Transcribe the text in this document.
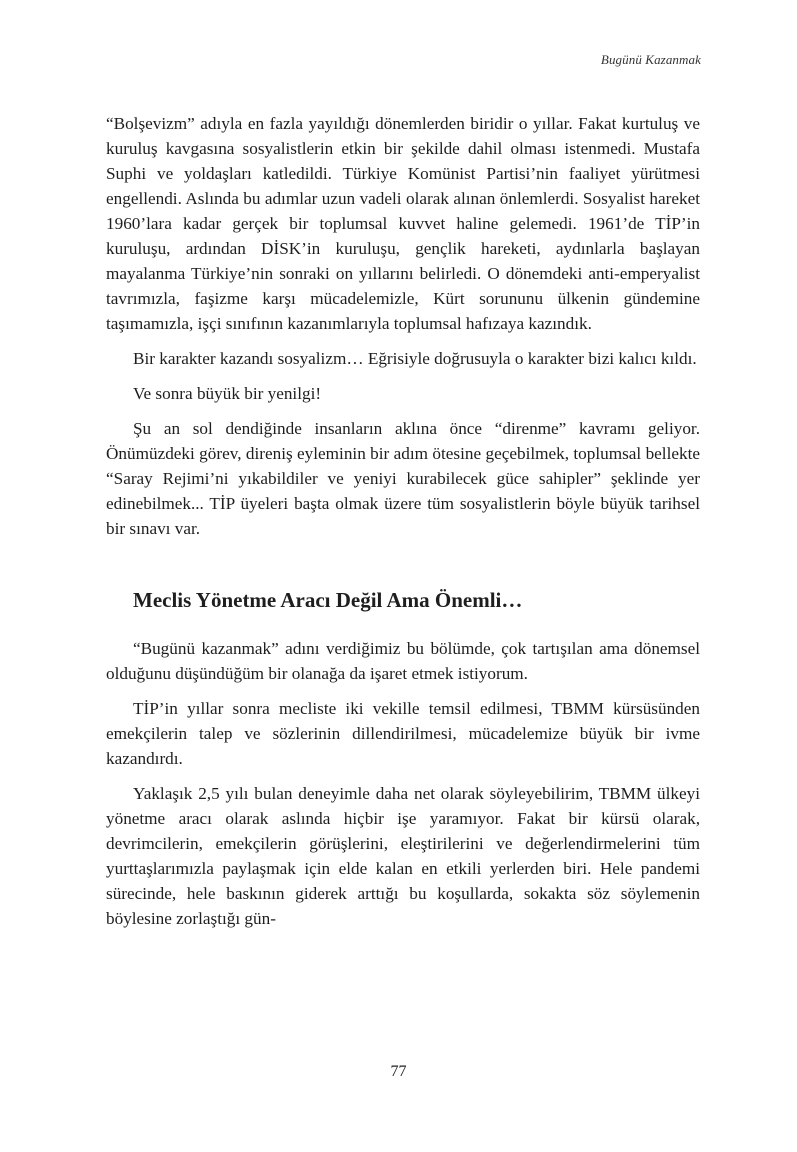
Bugünü Kazanmak

“Bolşevizm” adıyla en fazla yayıldığı dönemlerden biridir o yıllar. Fakat kurtuluş ve kuruluş kavgasına sosyalistlerin etkin bir şekilde dahil olması istenmedi. Mustafa Suphi ve yoldaşları katledildi. Türkiye Komünist Partisi’nin faaliyet yürütmesi engellendi. Aslında bu adımlar uzun vadeli olarak alınan önlemlerdi. Sosyalist hareket 1960’lara kadar gerçek bir toplumsal kuvvet haline gelemedi. 1961’de TİP’in kuruluşu, ardından DİSK’in kuruluşu, gençlik hareketi, aydınlarla başlayan mayalanma Türkiye’nin sonraki on yıllarını belirledi. O dönemdeki anti-emperyalist tavrımızla, faşizme karşı mücadelemizle, Kürt sorununu ülkenin gündemine taşımamızla, işçi sınıfının kazanımlarıyla toplumsal hafızaya kazındık.

Bir karakter kazandı sosyalizm… Eğrisiyle doğrusuyla o karakter bizi kalıcı kıldı.

Ve sonra büyük bir yenilgi!

Şu an sol dendiğinde insanların aklına önce “direnme” kavramı geliyor. Önümüzdeki görev, direniş eyleminin bir adım ötesine geçebilmek, toplumsal bellekte “Saray Rejimi’ni yıkabildiler ve yeniyi kurabilecek güce sahipler” şeklinde yer edinebilmek... TİP üyeleri başta olmak üzere tüm sosyalistlerin böyle büyük tarihsel bir sınavı var.

Meclis Yönetme Aracı Değil Ama Önemli…

“Bugünü kazanmak” adını verdiğimiz bu bölümde, çok tartışılan ama dönemsel olduğunu düşündüğüm bir olanağa da işaret etmek istiyorum.

TİP’in yıllar sonra mecliste iki vekille temsil edilmesi, TBMM kürsüsünden emekçilerin talep ve sözlerinin dillendirilmesi, mücadelemize büyük bir ivme kazandırdı.

Yaklaşık 2,5 yılı bulan deneyimle daha net olarak söyleyebilirim, TBMM ülkeyi yönetme aracı olarak aslında hiçbir işe yaramıyor. Fakat bir kürsü olarak, devrimcilerin, emekçilerin görüşlerini, eleştirilerini ve değerlendirmelerini tüm yurttaşlarımızla paylaşmak için elde kalan en etkili yerlerden biri. Hele pandemi sürecinde, hele baskının giderek arttığı bu koşullarda, sokakta söz söylemenin böylesine zorlaştığı gün-

77
